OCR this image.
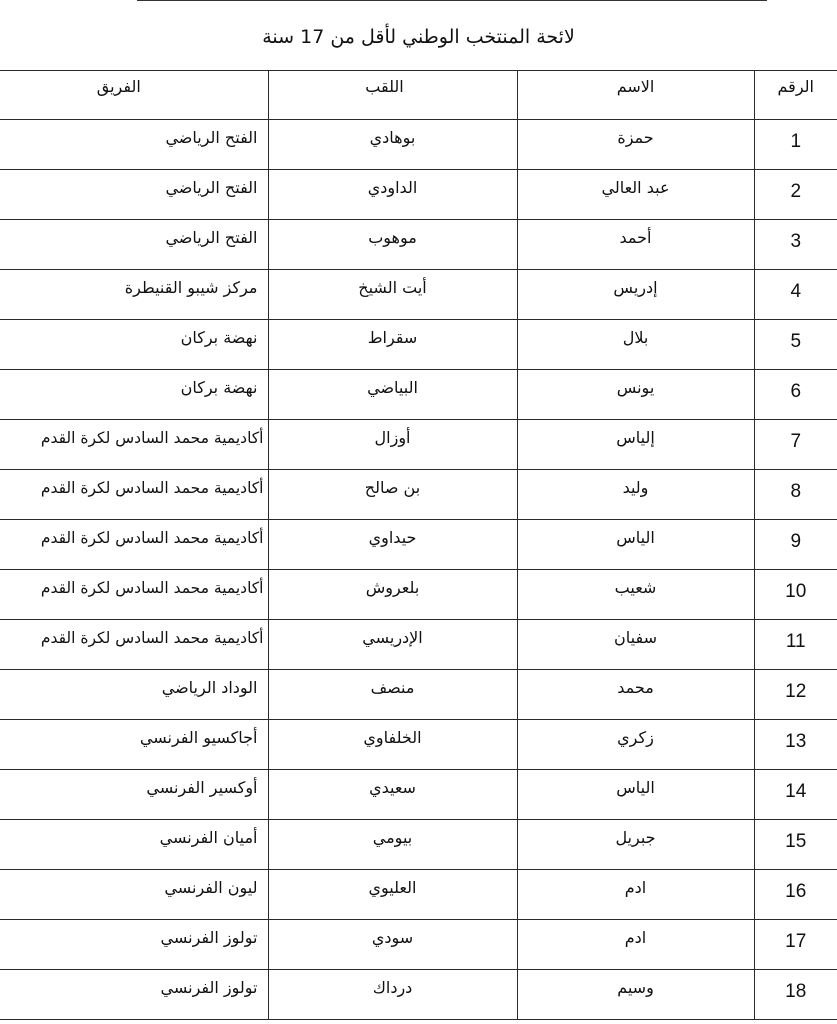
لائحة المنتخب الوطني لأقل من 17 سنة
الفريق	اللقب	الاسم	الرقم

الفتح الرياضي	بوهادي	حمزة	1

الفتح الرياضي	الداودي	عبد العالي	2

الفتح الرياضي	موهوب	أحمد	3

مركز شيبو القنيطرة	أيت الشيخ	إدريس	4

نهضة بركان	سقراط	بلال	5

نهضة بركان	البياضي	يونس	6

أكاديمية محمد السادس لكرة القدم	أوزال	إلياس	7

أكاديمية محمد السادس لكرة القدم	بن صالح	وليد	8

أكاديمية محمد السادس لكرة القدم	حيداوي	الياس	9

أكاديمية محمد السادس لكرة القدم	بلعروش	شعيب	10

أكاديمية محمد السادس لكرة القدم	الإدريسي	سفيان	11

الوداد الرياضي	منصف	محمد	12

أجاكسيو الفرنسي	الخلفاوي	زكري	13

أوكسير الفرنسي	سعيدي	الياس	14

أميان الفرنسي	بيومي	جبريل	15

ليون الفرنسي	العليوي	ادم	16

تولوز الفرنسي	سودي	ادم	17

تولوز الفرنسي	درداك	وسيم	18
